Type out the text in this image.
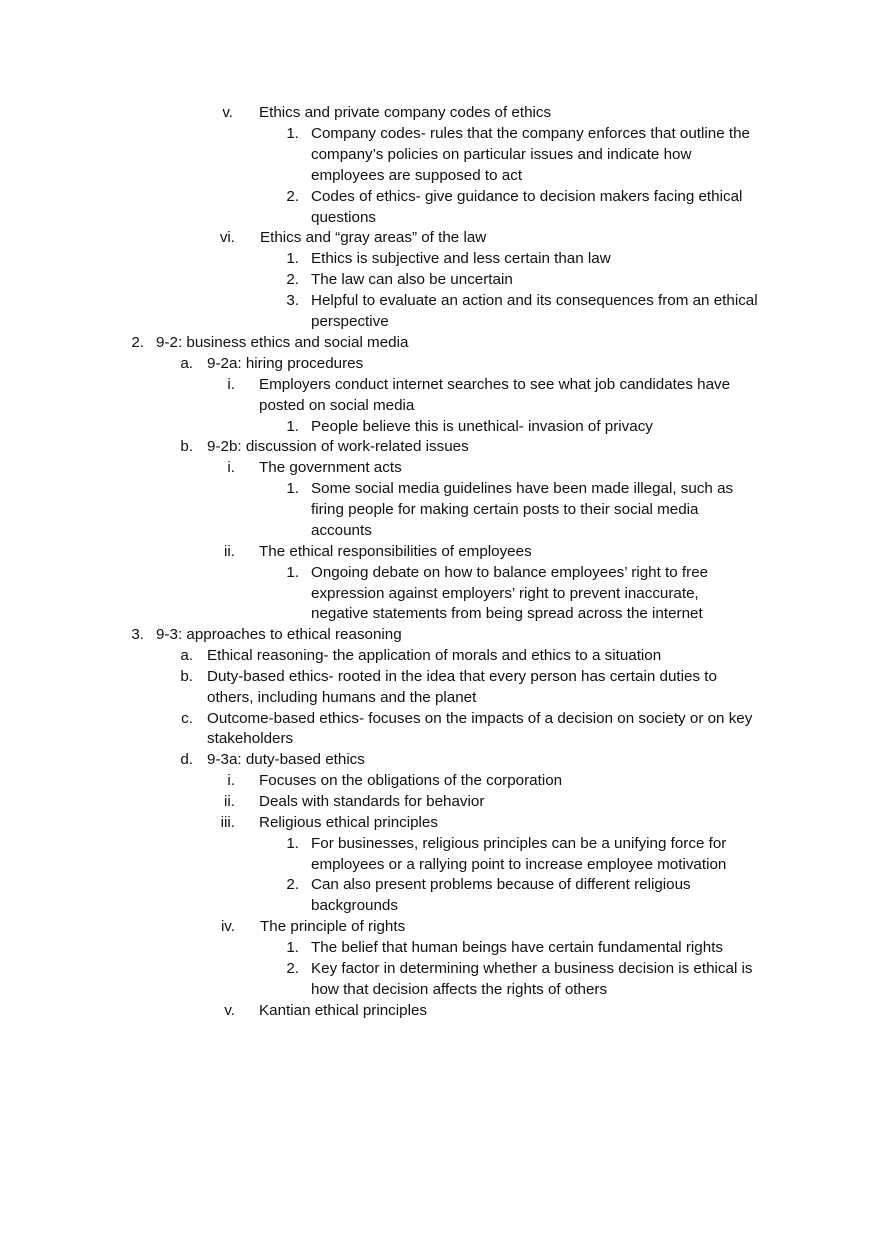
v. Ethics and private company codes of ethics
1. Company codes- rules that the company enforces that outline the
company’s policies on particular issues and indicate how
employees are supposed to act
2. Codes of ethics- give guidance to decision makers facing ethical
questions
vi. Ethics and “gray areas” of the law
1. Ethics is subjective and less certain than law
2. The law can also be uncertain
3. Helpful to evaluate an action and its consequences from an ethical
perspective
2. 9-2: business ethics and social media
a. 9-2a: hiring procedures
i. Employers conduct internet searches to see what job candidates have
posted on social media
1. People believe this is unethical- invasion of privacy
b. 9-2b: discussion of work-related issues
i. The government acts
1. Some social media guidelines have been made illegal, such as
firing people for making certain posts to their social media
accounts
ii. The ethical responsibilities of employees
1. Ongoing debate on how to balance employees’ right to free
expression against employers’ right to prevent inaccurate,
negative statements from being spread across the internet
3. 9-3: approaches to ethical reasoning
a. Ethical reasoning- the application of morals and ethics to a situation
b. Duty-based ethics- rooted in the idea that every person has certain duties to
others, including humans and the planet
c. Outcome-based ethics- focuses on the impacts of a decision on society or on key
stakeholders
d. 9-3a: duty-based ethics
i. Focuses on the obligations of the corporation
ii. Deals with standards for behavior
iii. Religious ethical principles
1. For businesses, religious principles can be a unifying force for
employees or a rallying point to increase employee motivation
2. Can also present problems because of different religious
backgrounds
iv. The principle of rights
1. The belief that human beings have certain fundamental rights
2. Key factor in determining whether a business decision is ethical is
how that decision affects the rights of others
v. Kantian ethical principles
